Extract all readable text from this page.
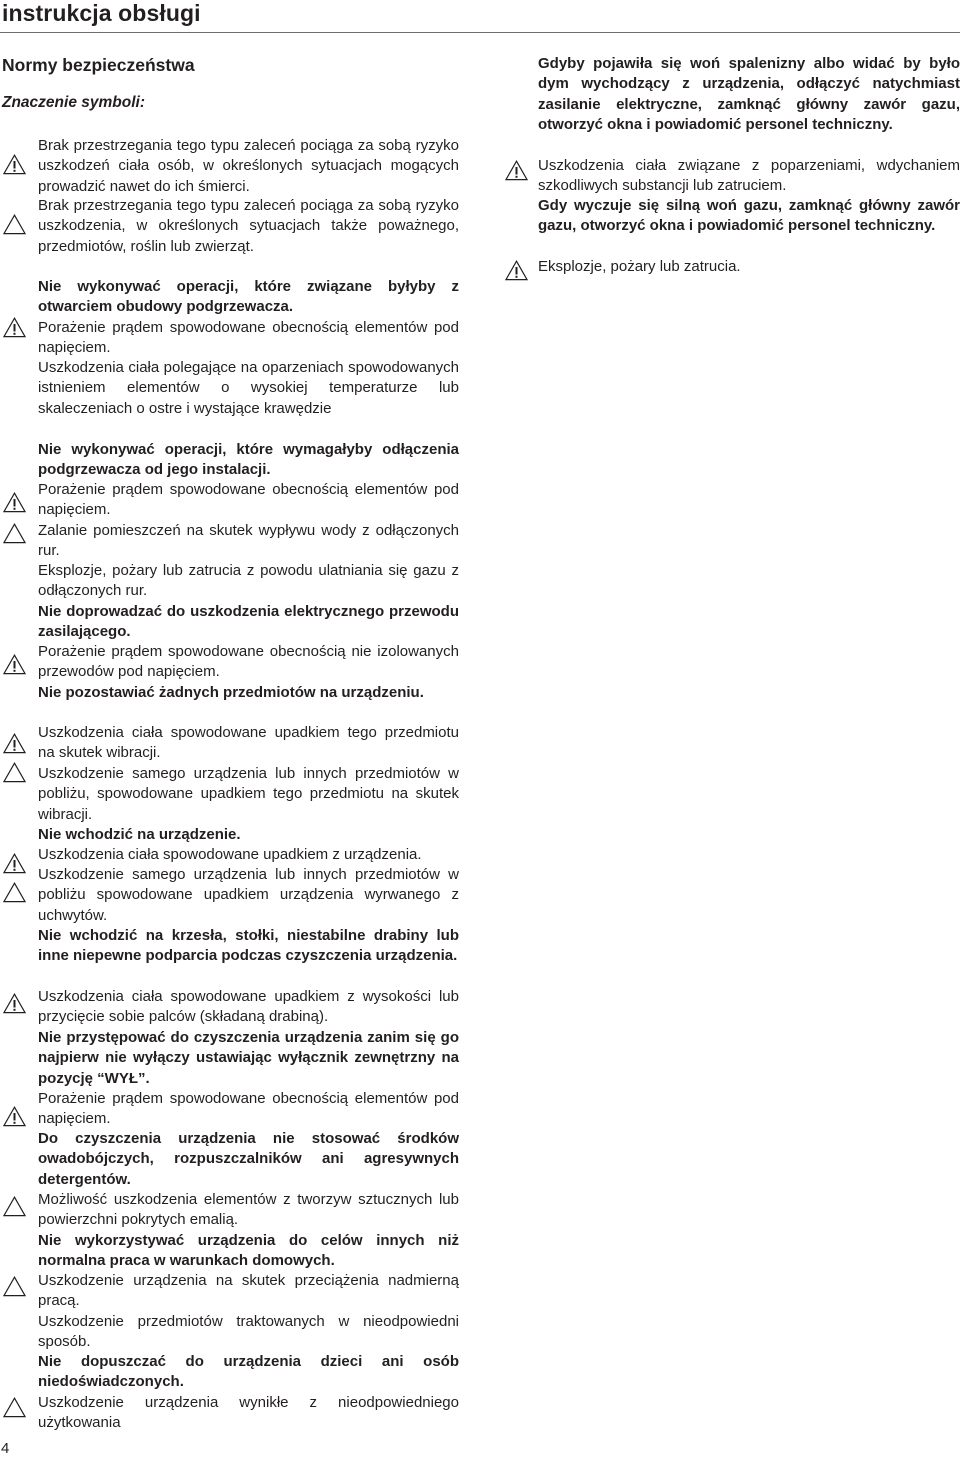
instrukcja obsługi
Normy bezpieczeństwa
Znaczenie symboli:
Brak przestrzegania tego typu zaleceń pociąga za sobą ryzyko uszkodzeń ciała osób, w określonych sytuacjach mogących prowadzić nawet do ich śmierci.
Brak przestrzegania tego typu zaleceń pociąga za sobą ryzyko uszkodzenia, w określonych sytuacjach także poważnego, przedmiotów, roślin lub zwierząt.
Nie wykonywać operacji, które związane byłyby z otwarciem obudowy podgrzewacza.
Porażenie prądem spowodowane obecnością elementów pod napięciem.
Uszkodzenia ciała polegające na oparzeniach spowodowanych istnieniem elementów o wysokiej temperaturze lub skaleczeniach o ostre i wystające krawędzie
Nie wykonywać operacji, które wymagałyby odłączenia podgrzewacza od jego instalacji.
Porażenie prądem spowodowane obecnością elementów pod napięciem.
Zalanie pomieszczeń na skutek wypływu wody z odłączonych rur.
Eksplozje, pożary lub zatrucia z powodu ulatniania się gazu z odłączonych rur.
Nie doprowadzać do uszkodzenia elektrycznego przewodu zasilającego.
Porażenie prądem spowodowane obecnością nie izolowanych przewodów pod napięciem.
Nie pozostawiać żadnych przedmiotów na urządzeniu.
Uszkodzenia ciała spowodowane upadkiem tego przedmiotu na skutek wibracji.
Uszkodzenie samego urządzenia lub innych przedmiotów w pobliżu, spowodowane upadkiem tego przedmiotu na skutek wibracji.
Nie wchodzić na urządzenie.
Uszkodzenia ciała spowodowane upadkiem z urządzenia.
Uszkodzenie samego urządzenia lub innych przedmiotów w pobliżu spowodowane upadkiem urządzenia wyrwanego z uchwytów.
Nie wchodzić na krzesła, stołki, niestabilne drabiny lub inne niepewne podparcia podczas czyszczenia urządzenia.
Uszkodzenia ciała spowodowane upadkiem z wysokości lub przycięcie sobie palców (składaną drabiną).
Nie przystępować do czyszczenia urządzenia zanim się go najpierw nie wyłączy ustawiając wyłącznik zewnętrzny na pozycję “WYŁ”.
Porażenie prądem spowodowane obecnością elementów pod napięciem.
Do czyszczenia urządzenia nie stosować środków owadobójczych, rozpuszczalników ani agresywnych detergentów.
Możliwość uszkodzenia elementów z tworzyw sztucznych lub powierzchni pokrytych emalią.
Nie wykorzystywać urządzenia do celów innych niż normalna praca w warunkach domowych.
Uszkodzenie urządzenia na skutek przeciążenia nadmierną pracą.
Uszkodzenie przedmiotów traktowanych w nieodpowiedni sposób.
Nie dopuszczać do urządzenia dzieci ani osób niedoświadczonych.
Uszkodzenie urządzenia wynikłe z nieodpowiedniego użytkowania
Gdyby pojawiła się woń spalenizny albo widać by było dym wychodzący z urządzenia, odłączyć natychmiast zasilanie elektryczne, zamknąć główny zawór gazu, otworzyć okna i powiadomić personel techniczny.
Uszkodzenia ciała związane z poparzeniami, wdychaniem szkodliwych substancji lub zatruciem.
Gdy wyczuje się silną woń gazu, zamknąć główny zawór gazu, otworzyć okna i powiadomić personel techniczny.
Eksplozje, pożary lub zatrucia.
4
